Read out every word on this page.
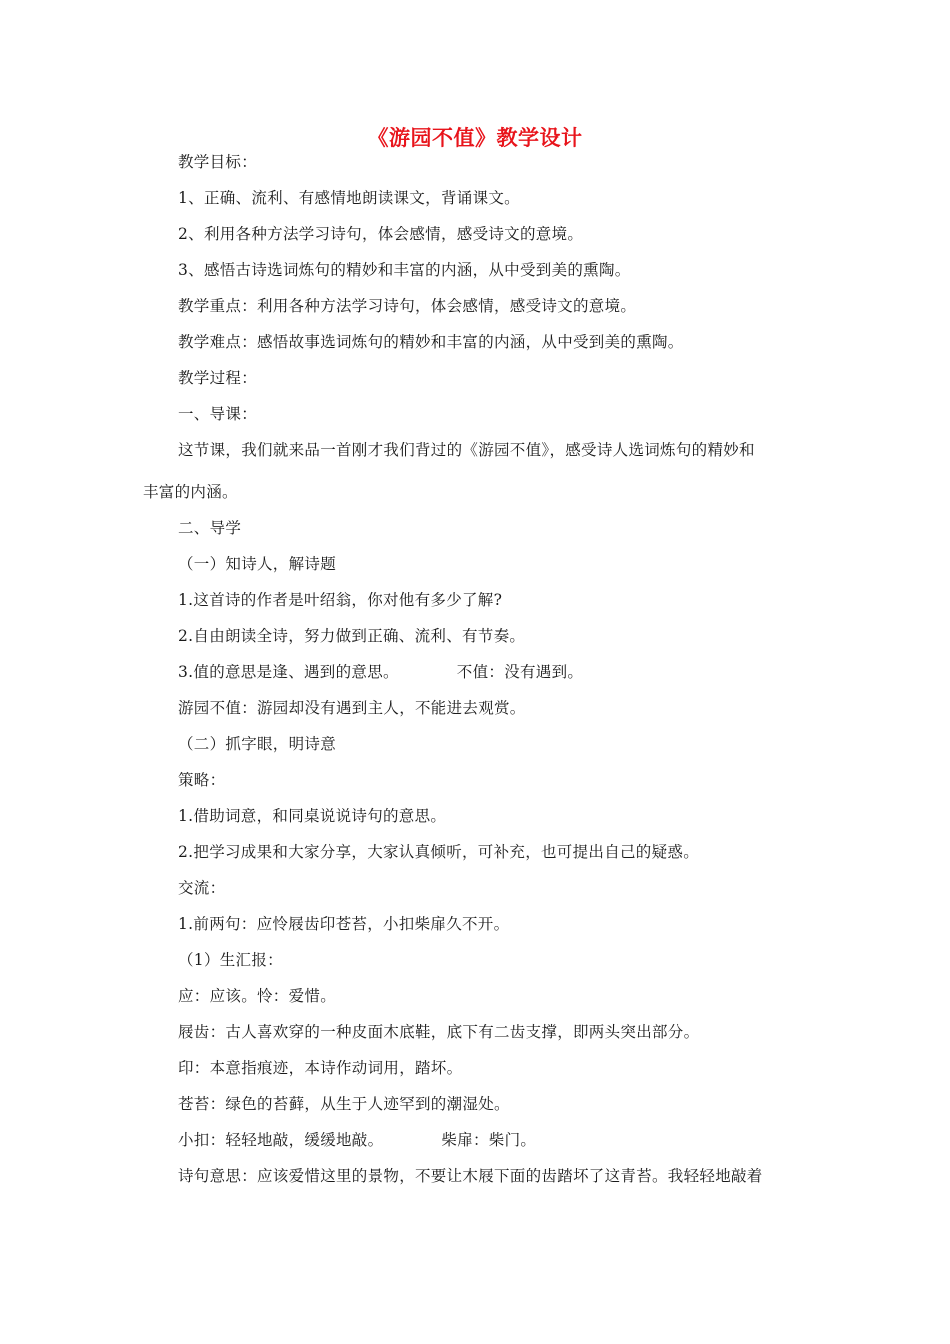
《游园不值》教学设计
教学目标：
1、正确、流利、有感情地朗读课文，背诵课文。
2、利用各种方法学习诗句，体会感情，感受诗文的意境。
3、感悟古诗选词炼句的精妙和丰富的内涵，从中受到美的熏陶。
教学重点：利用各种方法学习诗句，体会感情，感受诗文的意境。
教学难点：感悟故事选词炼句的精妙和丰富的内涵，从中受到美的熏陶。
教学过程：
一、导课：
这节课，我们就来品一首刚才我们背过的《游园不值》，感受诗人选词炼句的精妙和
丰富的内涵。
二、导学
（一）知诗人，解诗题
1.这首诗的作者是叶绍翁，你对他有多少了解?
2.自由朗读全诗，努力做到正确、流利、有节奏。
3.值的意思是逢、遇到的意思。	不值：没有遇到。
游园不值：游园却没有遇到主人，不能进去观赏。
（二）抓字眼，明诗意
策略：
1.借助词意，和同桌说说诗句的意思。
2.把学习成果和大家分享，大家认真倾听，可补充，也可提出自己的疑惑。
交流：
1.前两句：应怜屐齿印苍苔，小扣柴扉久不开。
（1）生汇报：
应：应该。怜：爱惜。
屐齿：古人喜欢穿的一种皮面木底鞋，底下有二齿支撑，即两头突出部分。
印：本意指痕迹，本诗作动词用，踏坏。
苍苔：绿色的苔藓，从生于人迹罕到的潮湿处。
小扣：轻轻地敲，缓缓地敲。	柴扉：柴门。
诗句意思：应该爱惜这里的景物，不要让木屐下面的齿踏坏了这青苔。我轻轻地敲着
